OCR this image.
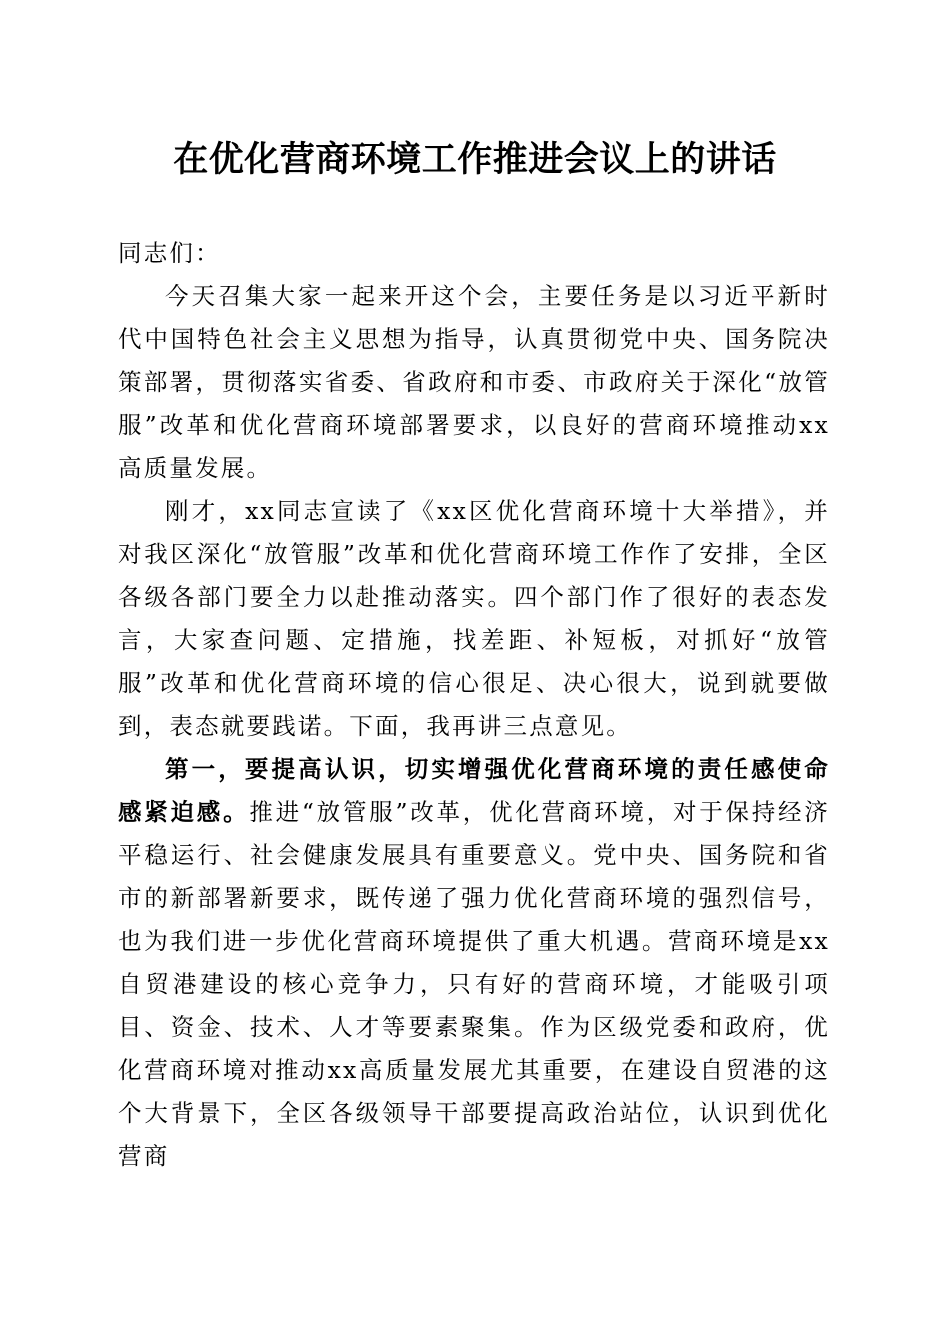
在优化营商环境工作推进会议上的讲话

同志们：

今天召集大家一起来开这个会，主要任务是以习近平新时代中国特色社会主义思想为指导，认真贯彻党中央、国务院决策部署，贯彻落实省委、省政府和市委、市政府关于深化“放管服”改革和优化营商环境部署要求，以良好的营商环境推动xx高质量发展。

刚才，xx同志宣读了《xx区优化营商环境十大举措》，并对我区深化“放管服”改革和优化营商环境工作作了安排，全区各级各部门要全力以赴推动落实。四个部门作了很好的表态发言，大家查问题、定措施，找差距、补短板，对抓好“放管服”改革和优化营商环境的信心很足、决心很大，说到就要做到，表态就要践诺。下面，我再讲三点意见。

第一，要提高认识，切实增强优化营商环境的责任感使命感紧迫感。推进“放管服”改革，优化营商环境，对于保持经济平稳运行、社会健康发展具有重要意义。党中央、国务院和省市的新部署新要求，既传递了强力优化营商环境的强烈信号，也为我们进一步优化营商环境提供了重大机遇。营商环境是xx自贸港建设的核心竞争力，只有好的营商环境，才能吸引项目、资金、技术、人才等要素聚集。作为区级党委和政府，优化营商环境对推动xx高质量发展尤其重要，在建设自贸港的这个大背景下，全区各级领导干部要提高政治站位，认识到优化营商
